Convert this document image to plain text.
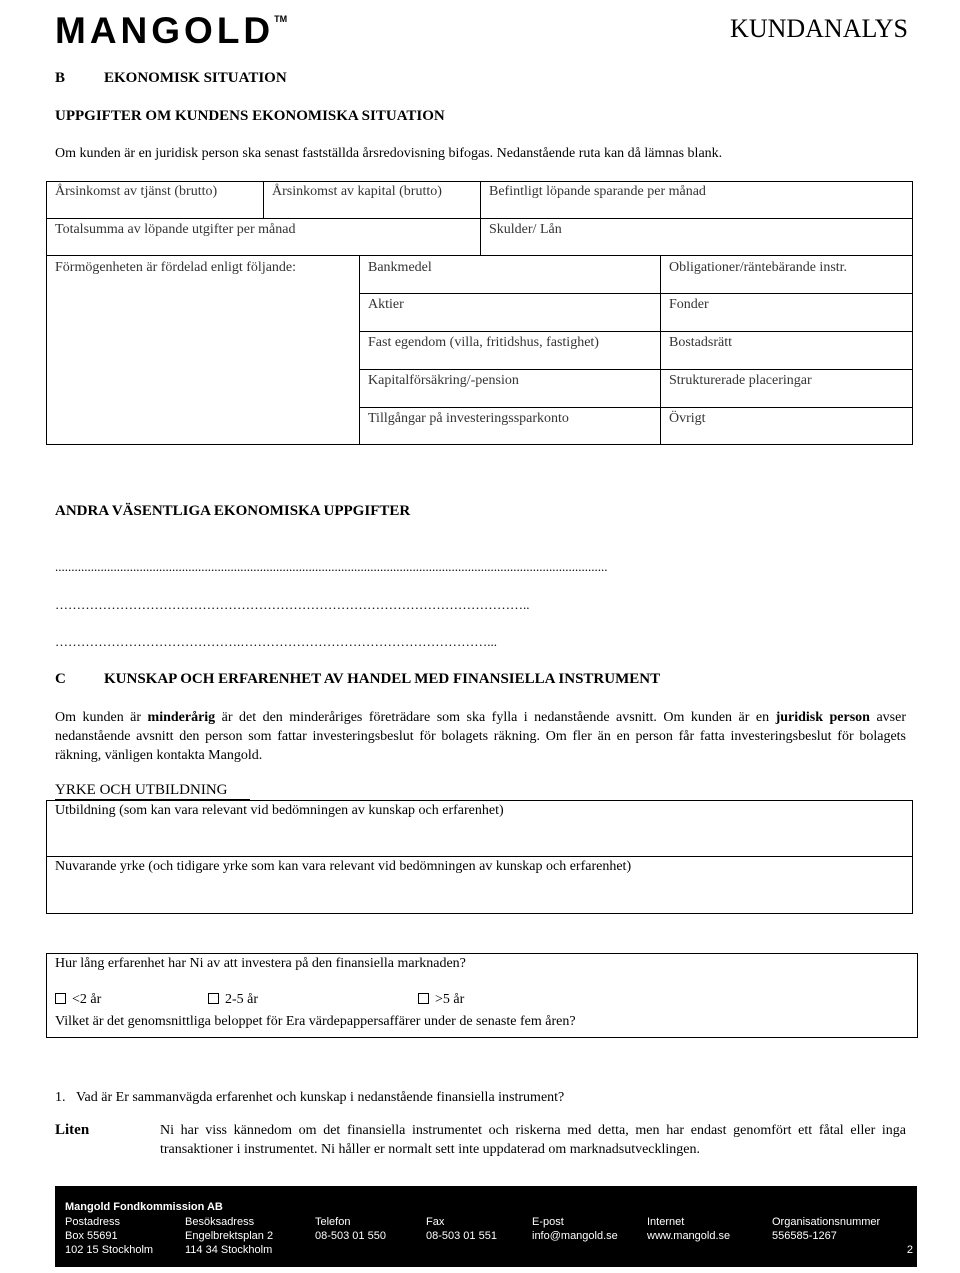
MANGOLD™	KUNDANALYS
B	EKONOMISK SITUATION
UPPGIFTER OM KUNDENS EKONOMISKA SITUATION
Om kunden är en juridisk person ska senast fastställda årsredovisning bifogas. Nedanstående ruta kan då lämnas blank.
Årsinkomst av tjänst (brutto)	Årsinkomst av kapital (brutto)	Befintligt löpande sparande per månad
Totalsumma av löpande utgifter per månad	Skulder/ Lån
Förmögenheten är fördelad enligt följande:	Bankmedel	Obligationer/räntebärande instr.
Aktier	Fonder
Fast egendom (villa, fritidshus, fastighet)	Bostadsrätt
Kapitalförsäkring/-pension	Strukturerade placeringar
Tillgångar på investeringssparkonto	Övrigt
ANDRA VÄSENTLIGA EKONOMISKA UPPGIFTER
..........................................................................................................................................................................
………………………………………………………………………………………………..
…………………………………….…………………………………………………...
C	KUNSKAP OCH ERFARENHET AV HANDEL MED FINANSIELLA INSTRUMENT
Om kunden är minderårig är det den minderåriges företrädare som ska fylla i nedanstående avsnitt. Om kunden är en juridisk person avser nedanstående avsnitt den person som fattar investeringsbeslut för bolagets räkning. Om fler än en person får fatta investeringsbeslut för bolagets räkning, vänligen kontakta Mangold.
YRKE OCH UTBILDNING
Utbildning (som kan vara relevant vid bedömningen av kunskap och erfarenhet)
Nuvarande yrke (och tidigare yrke som kan vara relevant vid bedömningen av kunskap och erfarenhet)
Hur lång erfarenhet har Ni av att investera på den finansiella marknaden?
<2 år	2-5 år	>5 år
Vilket är det genomsnittliga beloppet för Era värdepappersaffärer under de senaste fem åren?
1. Vad är Er sammanvägda erfarenhet och kunskap i nedanstående finansiella instrument?
Liten	Ni har viss kännedom om det finansiella instrumentet och riskerna med detta, men har endast genomfört ett fåtal eller inga transaktioner i instrumentet. Ni håller er normalt sett inte uppdaterad om marknadsutvecklingen.
Mangold Fondkommission AB
Postadress	Besöksadress	Telefon	Fax	E-post	Internet	Organisationsnummer
Box 55691	Engelbrektsplan 2	08-503 01 550	08-503 01 551	info@mangold.se	www.mangold.se	556585-1267
102 15 Stockholm	114 34 Stockholm	2
